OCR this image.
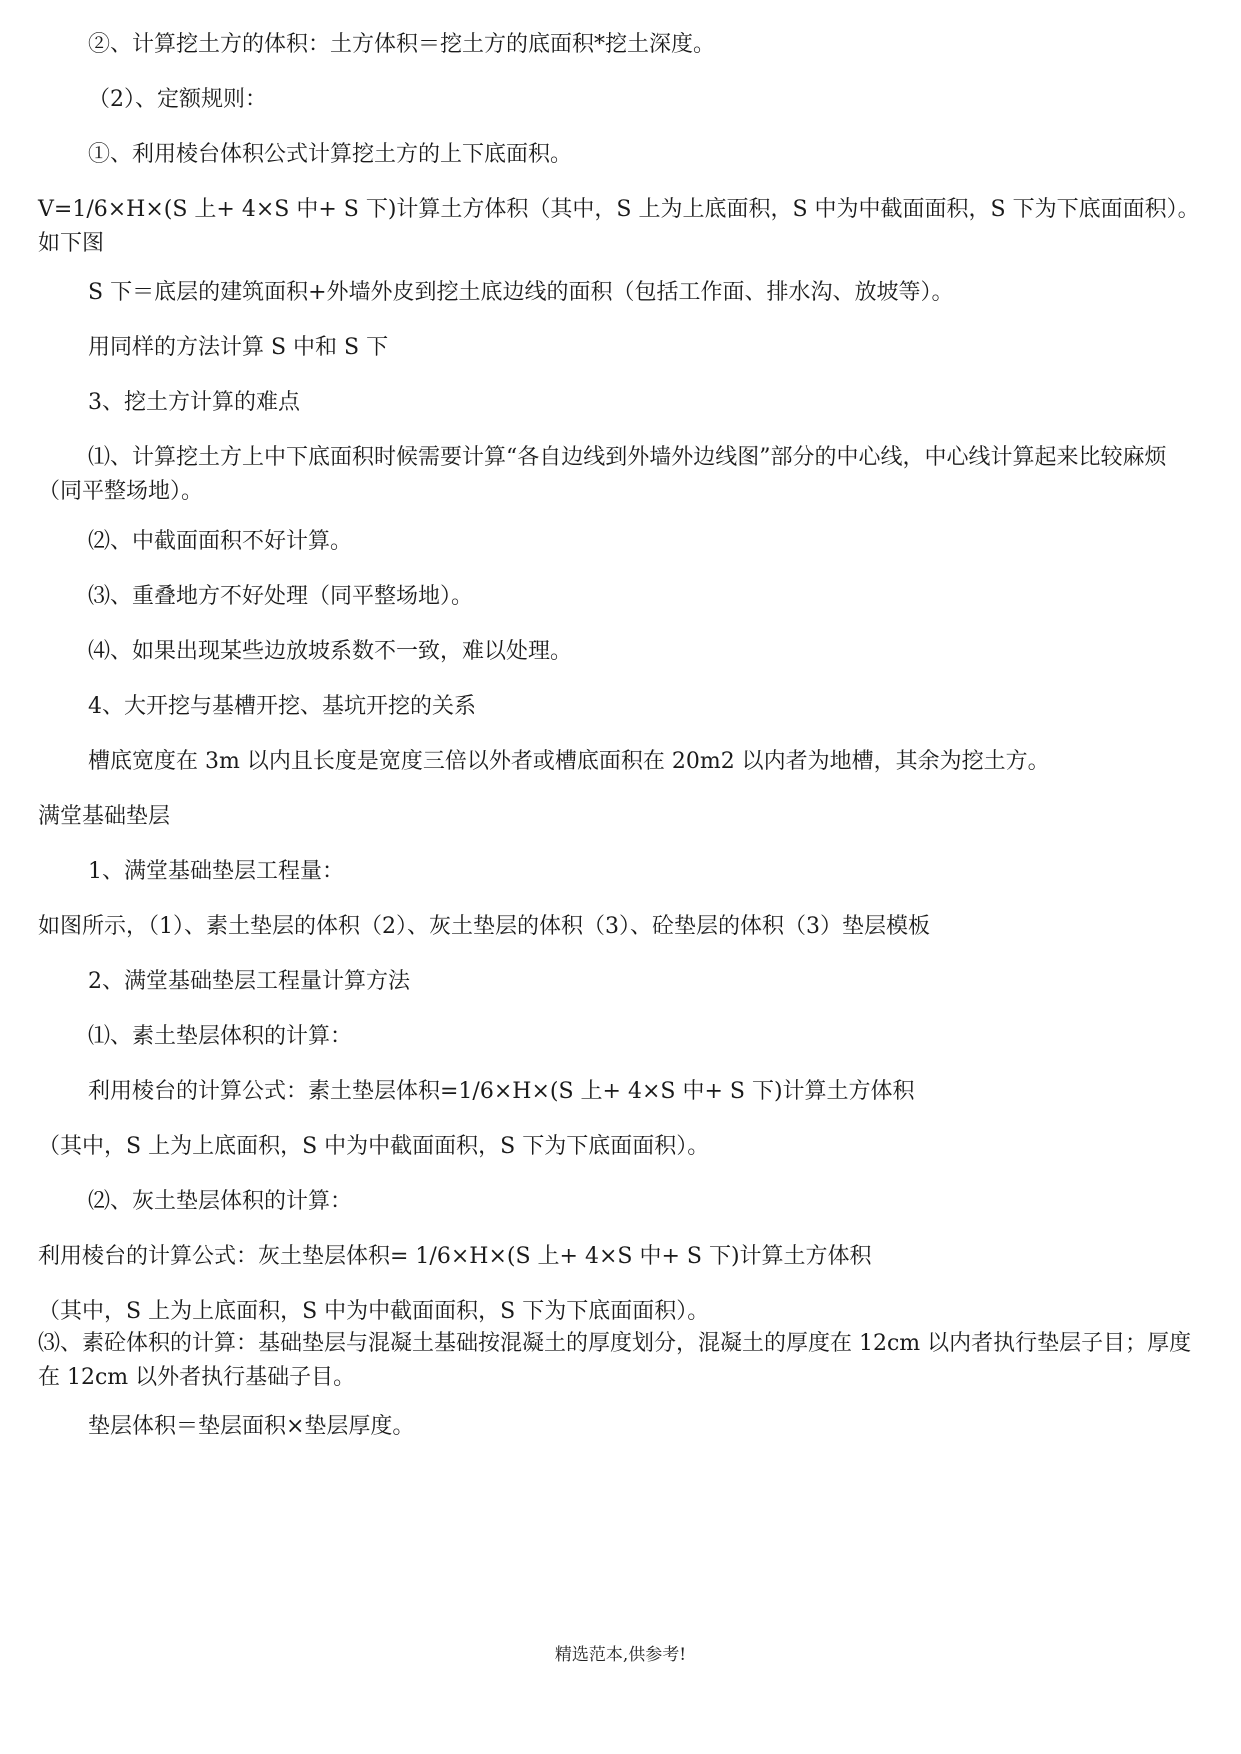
②、计算挖土方的体积：土方体积＝挖土方的底面积*挖土深度。
（2）、定额规则：
①、利用棱台体积公式计算挖土方的上下底面积。
V=1/6×H×(S 上+ 4×S 中+ S 下)计算土方体积（其中，S 上为上底面积，S 中为中截面面积，S 下为下底面面积）。如下图
S 下＝底层的建筑面积+外墙外皮到挖土底边线的面积（包括工作面、排水沟、放坡等）。
用同样的方法计算 S 中和 S 下
3、挖土方计算的难点
⑴、计算挖土方上中下底面积时候需要计算“各自边线到外墙外边线图”部分的中心线，中心线计算起来比较麻烦（同平整场地）。
⑵、中截面面积不好计算。
⑶、重叠地方不好处理（同平整场地）。
⑷、如果出现某些边放坡系数不一致，难以处理。
4、大开挖与基槽开挖、基坑开挖的关系
槽底宽度在 3m 以内且长度是宽度三倍以外者或槽底面积在 20m2 以内者为地槽，其余为挖土方。
满堂基础垫层
1、满堂基础垫层工程量：
如图所示，（1）、素土垫层的体积（2）、灰土垫层的体积（3）、砼垫层的体积（3）垫层模板
2、满堂基础垫层工程量计算方法
⑴、素土垫层体积的计算：
利用棱台的计算公式：素土垫层体积=1/6×H×(S 上+ 4×S 中+ S 下)计算土方体积
（其中，S 上为上底面积，S 中为中截面面积，S 下为下底面面积）。
⑵、灰土垫层体积的计算：
利用棱台的计算公式：灰土垫层体积= 1/6×H×(S 上+ 4×S 中+ S 下)计算土方体积
（其中，S 上为上底面积，S 中为中截面面积，S 下为下底面面积）。
⑶、素砼体积的计算：基础垫层与混凝土基础按混凝土的厚度划分，混凝土的厚度在 12cm 以内者执行垫层子目；厚度在 12cm 以外者执行基础子目。
垫层体积＝垫层面积×垫层厚度。
精选范本,供参考!
